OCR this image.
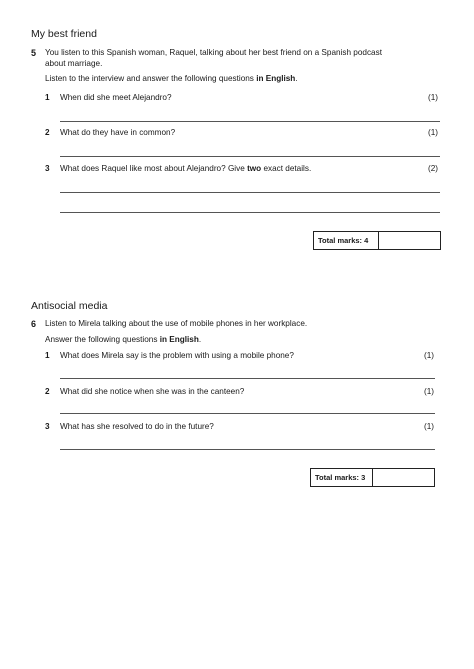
My best friend
5 You listen to this Spanish woman, Raquel, talking about her best friend on a Spanish podcast
about marriage.
Listen to the interview and answer the following questions in English.
1 When did she meet Alejandro?	(1)
2 What do they have in common?	(1)
3 What does Raquel like most about Alejandro? Give two exact details.	(2)
Total marks: 4
Antisocial media
6 Listen to Mirela talking about the use of mobile phones in her workplace.
Answer the following questions in English.
1 What does Mirela say is the problem with using a mobile phone?	(1)
2 What did she notice when she was in the canteen?	(1)
3 What has she resolved to do in the future?	(1)
Total marks: 3
